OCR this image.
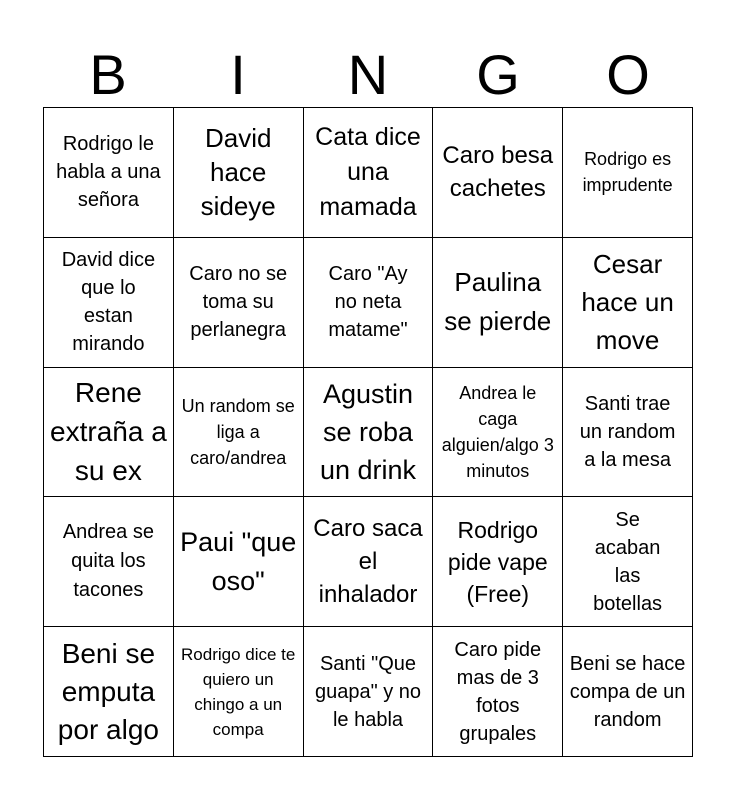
B	I	N	G	O
Rodrigo le habla a una señora
David hace sideye
Cata dice una mamada
Caro besa cachetes
Rodrigo es imprudente
David dice que lo estan mirando
Caro no se toma su perlanegra
Caro "Ay no neta matame"
Paulina se pierde
Cesar hace un move
Rene extraña a su ex
Un random se liga a caro/andrea
Agustin se roba un drink
Andrea le caga alguien/algo 3 minutos
Santi trae un random a la mesa
Andrea se quita los tacones
Paui "que oso"
Caro saca el inhalador
Rodrigo pide vape (Free)
Se acaban las botellas
Beni se emputa por algo
Rodrigo dice te quiero un chingo a un compa
Santi "Que guapa" y no le habla
Caro pide mas de 3 fotos grupales
Beni se hace compa de un random
